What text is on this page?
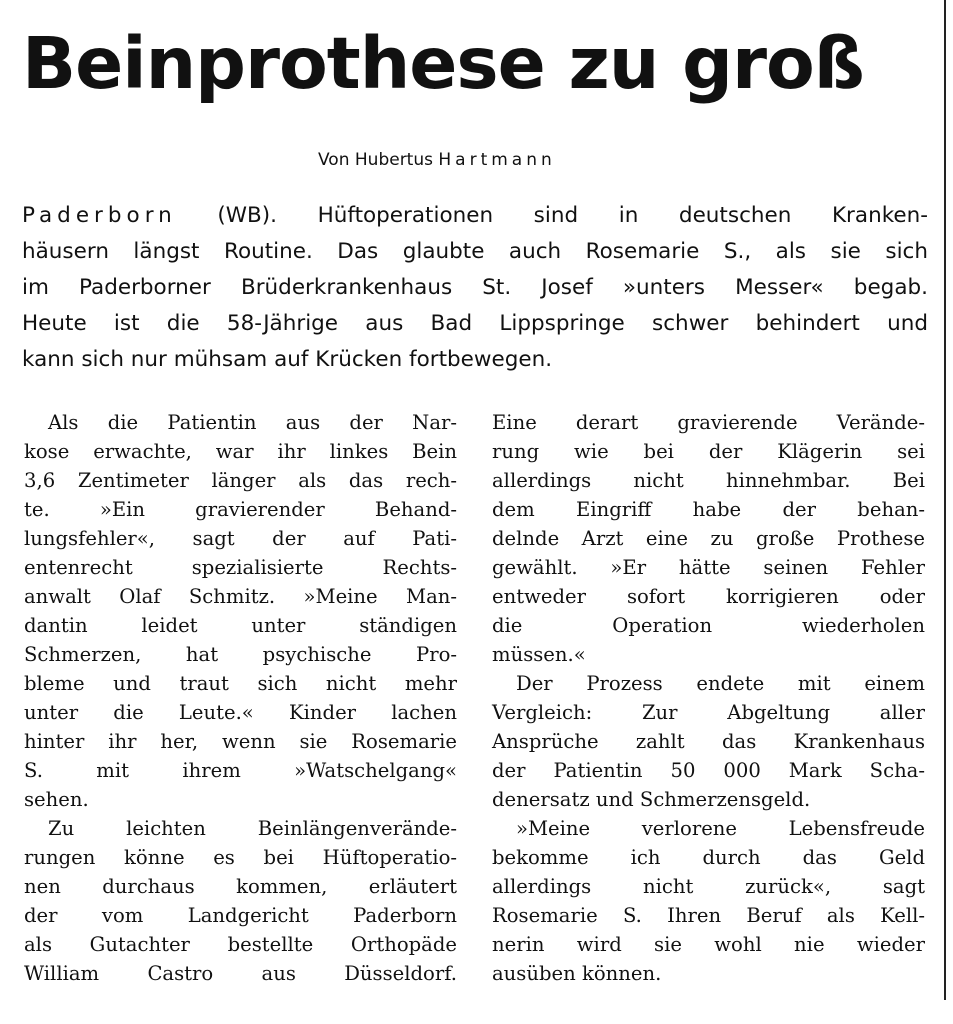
Beinprothese zu groß
Von Hubertus Hartmann

Paderborn (WB). Hüftoperationen sind in deutschen Kranken-
häusern längst Routine. Das glaubte auch Rosemarie S., als sie sich
im Paderborner Brüderkrankenhaus St. Josef »unters Messer« begab.
Heute ist die 58-Jährige aus Bad Lippspringe schwer behindert und
kann sich nur mühsam auf Krücken fortbewegen.

Als die Patientin aus der Nar-
kose erwachte, war ihr linkes Bein
3,6 Zentimeter länger als das rech-
te. »Ein gravierender Behand-
lungsfehler«, sagt der auf Pati-
entenrecht spezialisierte Rechts-
anwalt Olaf Schmitz. »Meine Man-
dantin leidet unter ständigen
Schmerzen, hat psychische Pro-
bleme und traut sich nicht mehr
unter die Leute.« Kinder lachen
hinter ihr her, wenn sie Rosemarie
S. mit ihrem »Watschelgang«
sehen.
Zu leichten Beinlängenverände-
rungen könne es bei Hüftoperatio-
nen durchaus kommen, erläutert
der vom Landgericht Paderborn
als Gutachter bestellte Orthopäde
William Castro aus Düsseldorf.
Eine derart gravierende Verände-
rung wie bei der Klägerin sei
allerdings nicht hinnehmbar. Bei
dem Eingriff habe der behan-
delnde Arzt eine zu große Prothese
gewählt. »Er hätte seinen Fehler
entweder sofort korrigieren oder
die Operation wiederholen
müssen.«
Der Prozess endete mit einem
Vergleich: Zur Abgeltung aller
Ansprüche zahlt das Krankenhaus
der Patientin 50 000 Mark Scha-
denersatz und Schmerzensgeld.
»Meine verlorene Lebensfreude
bekomme ich durch das Geld
allerdings nicht zurück«, sagt
Rosemarie S. Ihren Beruf als Kell-
nerin wird sie wohl nie wieder
ausüben können.
